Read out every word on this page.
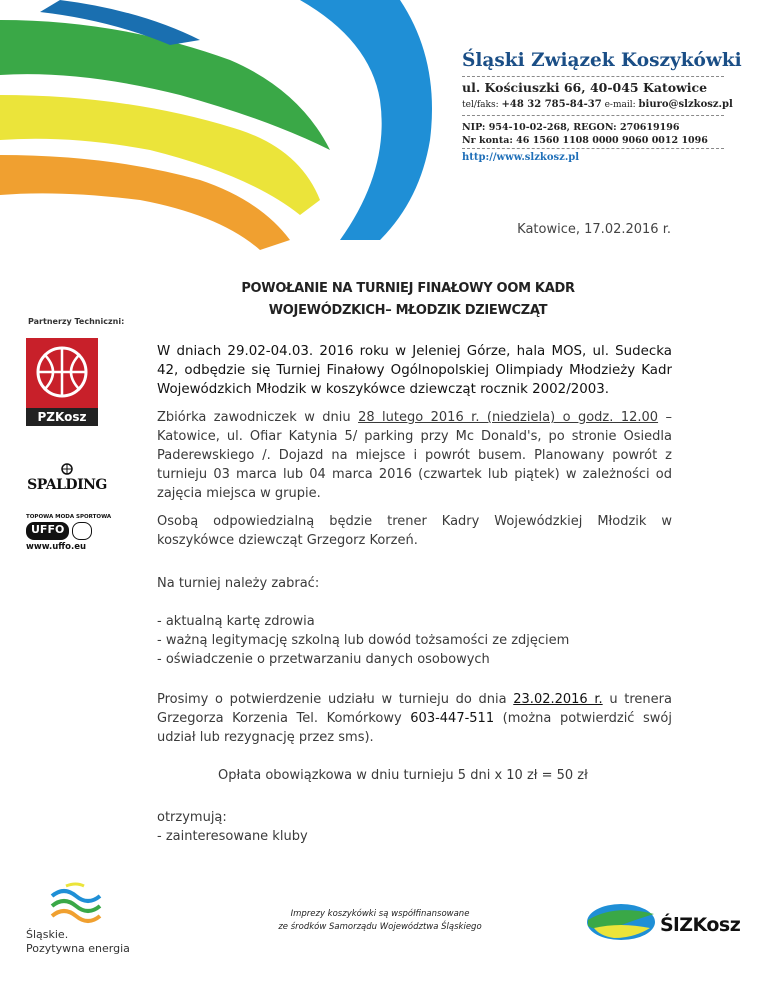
Śląski Związek Koszykówki
ul. Kościuszki 66, 40-045 Katowice
tel/faks: +48 32 785-84-37 e-mail: biuro@slzkosz.pl
NIP: 954-10-02-268, REGON: 270619196
Nr konta: 46 1560 1108 0000 9060 0012 1096
http://www.slzkosz.pl
Katowice, 17.02.2016 r.
POWOŁANIE NA TURNIEJ FINAŁOWY OOM KADR
WOJEWÓDZKICH– MŁODZIK DZIEWCZĄT
Partnerzy Techniczni:
PZKosz
SPALDING
TOPOWA MODA SPORTOWA
UFFO
www.uffo.eu
W dniach 29.02-04.03. 2016 roku w Jeleniej Górze, hala MOS, ul. Sudecka 42, odbędzie się Turniej Finałowy Ogólnopolskiej Olimpiady Młodzieży Kadr Wojewódzkich Młodzik w koszykówce dziewcząt rocznik 2002/2003.
Zbiórka zawodniczek w dniu 28 lutego 2016 r. (niedziela) o godz. 12.00 – Katowice, ul. Ofiar Katynia 5/ parking przy Mc Donald's, po stronie Osiedla Paderewskiego /. Dojazd na miejsce i powrót busem. Planowany powrót z turnieju 03 marca lub 04 marca 2016 (czwartek lub piątek) w zależności od zajęcia miejsca w grupie.
Osobą odpowiedzialną będzie trener Kadry Wojewódzkiej Młodzik w koszykówce dziewcząt Grzegorz Korzeń.
Na turniej należy zabrać:
- aktualną kartę zdrowia
- ważną legitymację szkolną lub dowód tożsamości ze zdjęciem
- oświadczenie o przetwarzaniu danych osobowych
Prosimy o potwierdzenie udziału w turnieju do dnia 23.02.2016 r. u trenera Grzegorza Korzenia Tel. Komórkowy 603-447-511 (można potwierdzić swój udział lub rezygnację przez sms).
Opłata obowiązkowa w dniu turnieju 5 dni x 10 zł = 50 zł
otrzymują:
- zainteresowane kluby
Śląskie.
Pozytywna energia
Imprezy koszykówki są współfinansowane
ze środków Samorządu Województwa Śląskiego	ŚlZKosz
